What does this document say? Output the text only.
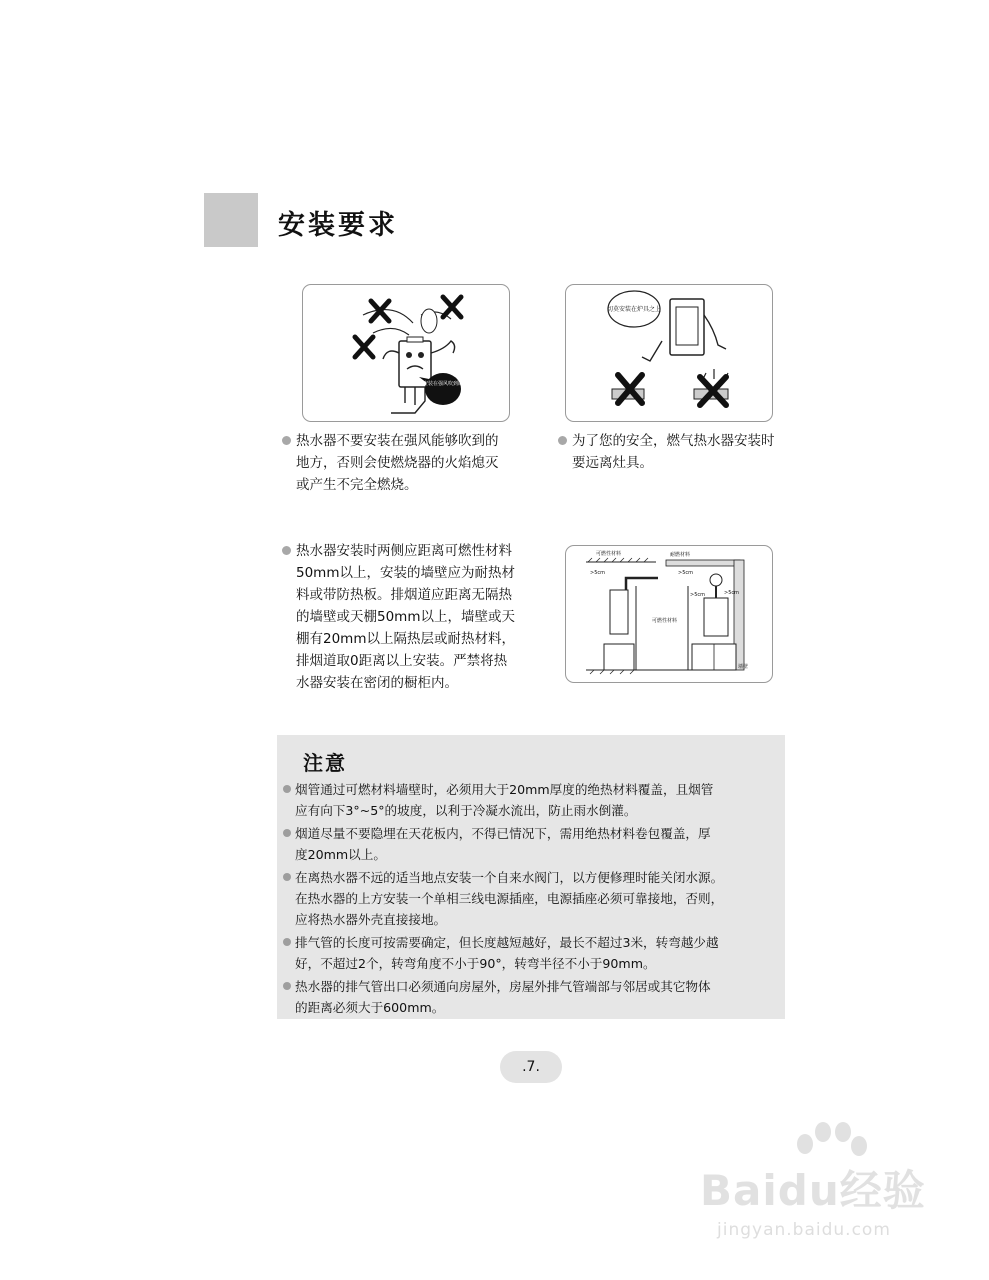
安装要求
禁止安装在强风吹到的地方
切莫安装在炉具之上
可燃性材料	耐燃材料
可燃性材料
墙壁
>5cm	>5cm
>5cm
>5cm
热水器不要安装在强风能够吹到的
地方，否则会使燃烧器的火焰熄灭
或产生不完全燃烧。
为了您的安全，燃气热水器安装时
要远离灶具。
热水器安装时两侧应距离可燃性材料
50mm以上，安装的墙壁应为耐热材
料或带防热板。排烟道应距离无隔热
的墙壁或天棚50mm以上，墙壁或天
棚有20mm以上隔热层或耐热材料，
排烟道取0距离以上安装。严禁将热
水器安装在密闭的橱柜内。
注意
烟管通过可燃材料墙壁时，必须用大于20mm厚度的绝热材料覆盖，且烟管
应有向下3°~5°的坡度，以利于冷凝水流出，防止雨水倒灌。
烟道尽量不要隐埋在天花板内，不得已情况下，需用绝热材料卷包覆盖，厚
度20mm以上。
在离热水器不远的适当地点安装一个自来水阀门，以方便修理时能关闭水源。
在热水器的上方安装一个单相三线电源插座，电源插座必须可靠接地，否则，
应将热水器外壳直接接地。
排气管的长度可按需要确定，但长度越短越好，最长不超过3米，转弯越少越
好，不超过2个，转弯角度不小于90°，转弯半径不小于90mm。
热水器的排气管出口必须通向房屋外，房屋外排气管端部与邻居或其它物体
的距离必须大于600mm。
.7.
Baidu经验
jingyan.baidu.com
